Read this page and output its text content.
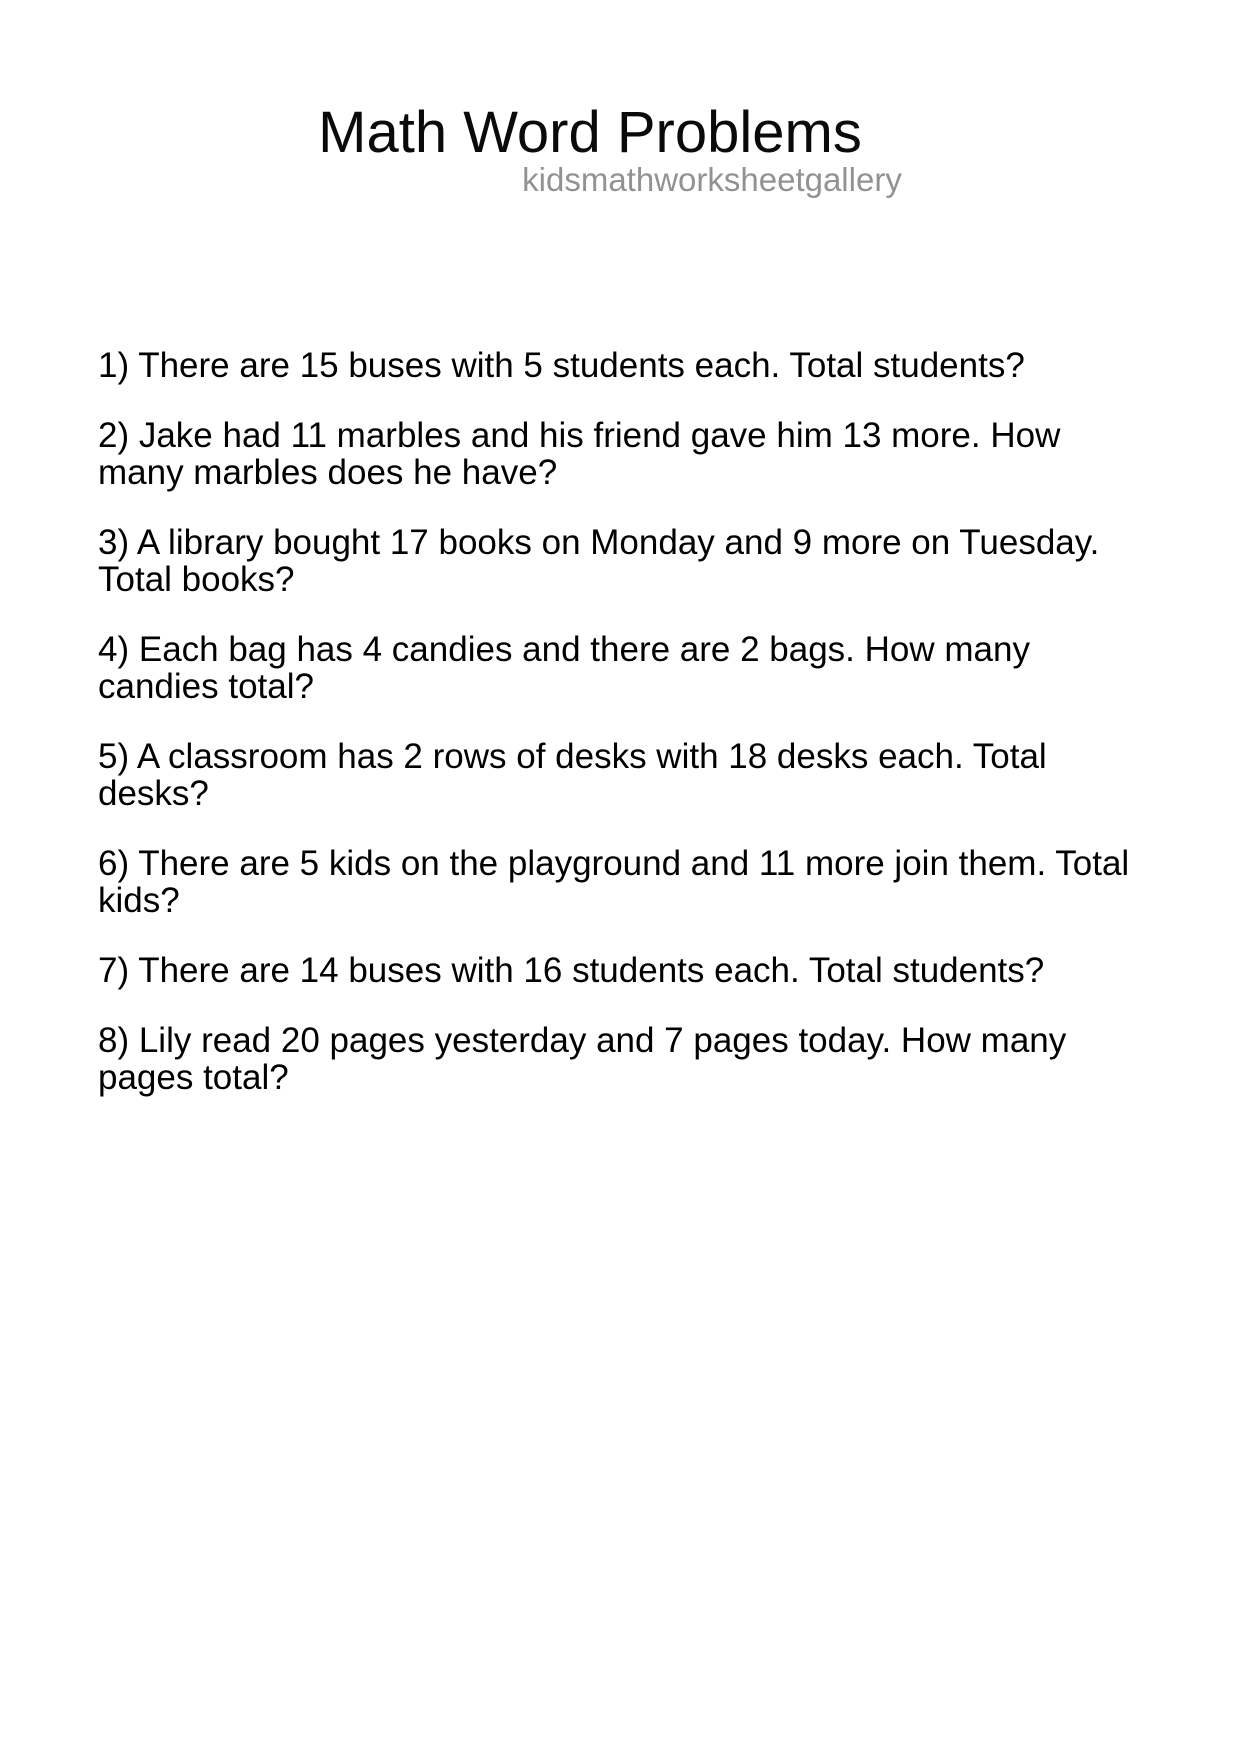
Math Word Problems
kidsmathworksheetgallery
1) There are 15 buses with 5 students each. Total students?
2) Jake had 11 marbles and his friend gave him 13 more. How
many marbles does he have?
3) A library bought 17 books on Monday and 9 more on Tuesday.
Total books?
4) Each bag has 4 candies and there are 2 bags. How many
candies total?
5) A classroom has 2 rows of desks with 18 desks each. Total
desks?
6) There are 5 kids on the playground and 11 more join them. Total
kids?
7) There are 14 buses with 16 students each. Total students?
8) Lily read 20 pages yesterday and 7 pages today. How many
pages total?
